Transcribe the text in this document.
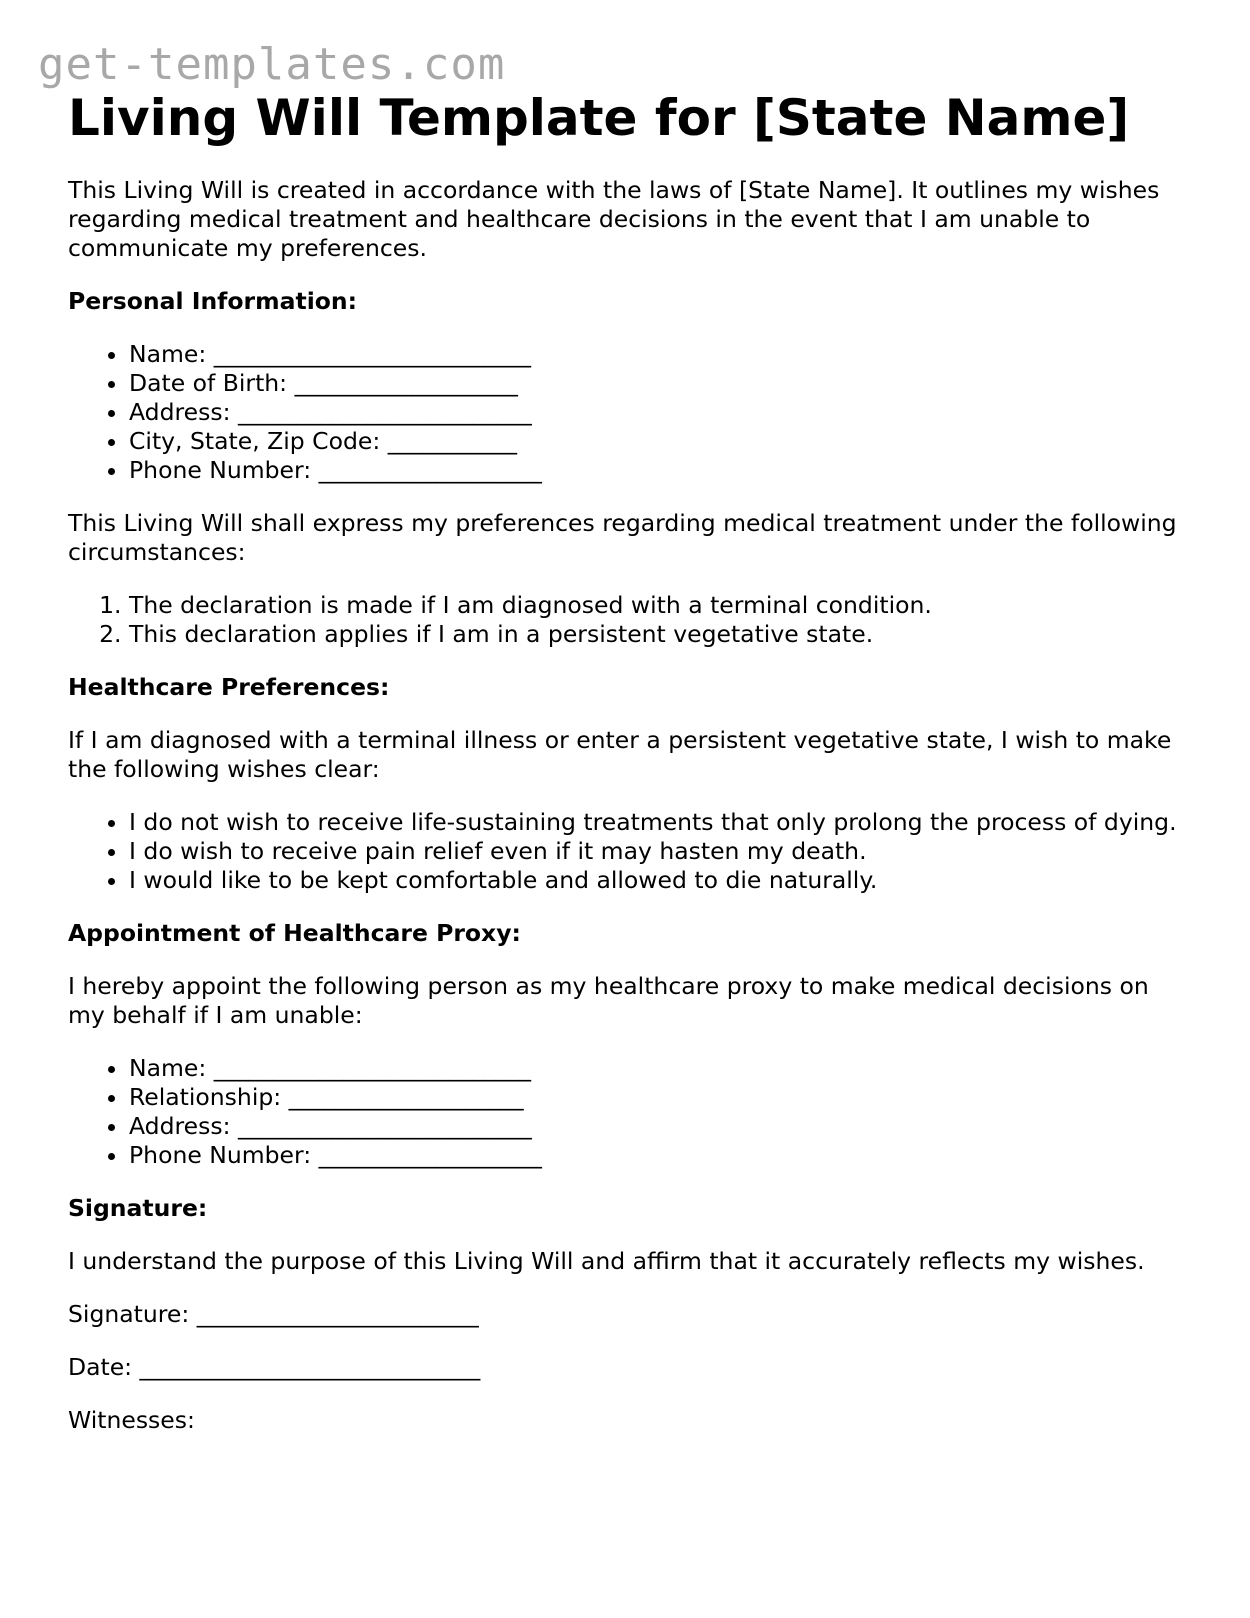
get-templates.com
Living Will Template for [State Name]

This Living Will is created in accordance with the laws of [State Name]. It outlines my wishes regarding medical treatment and healthcare decisions in the event that I am unable to communicate my preferences.

Personal Information:
• Name: ___________________________
• Date of Birth: ___________________
• Address: _________________________
• City, State, Zip Code: ___________
• Phone Number: ___________________

This Living Will shall express my preferences regarding medical treatment under the following circumstances:

1. The declaration is made if I am diagnosed with a terminal condition.
2. This declaration applies if I am in a persistent vegetative state.
Healthcare Preferences:

If I am diagnosed with a terminal illness or enter a persistent vegetative state, I wish to make the following wishes clear:

• I do not wish to receive life-sustaining treatments that only prolong the process of dying.
• I do wish to receive pain relief even if it may hasten my death.
• I would like to be kept comfortable and allowed to die naturally.
Appointment of Healthcare Proxy:

I hereby appoint the following person as my healthcare proxy to make medical decisions on my behalf if I am unable:

• Name: ___________________________
• Relationship: ____________________
• Address: _________________________
• Phone Number: ___________________
Signature:

I understand the purpose of this Living Will and affirm that it accurately reflects my wishes.

Signature: ________________________

Date: _____________________________

Witnesses:
